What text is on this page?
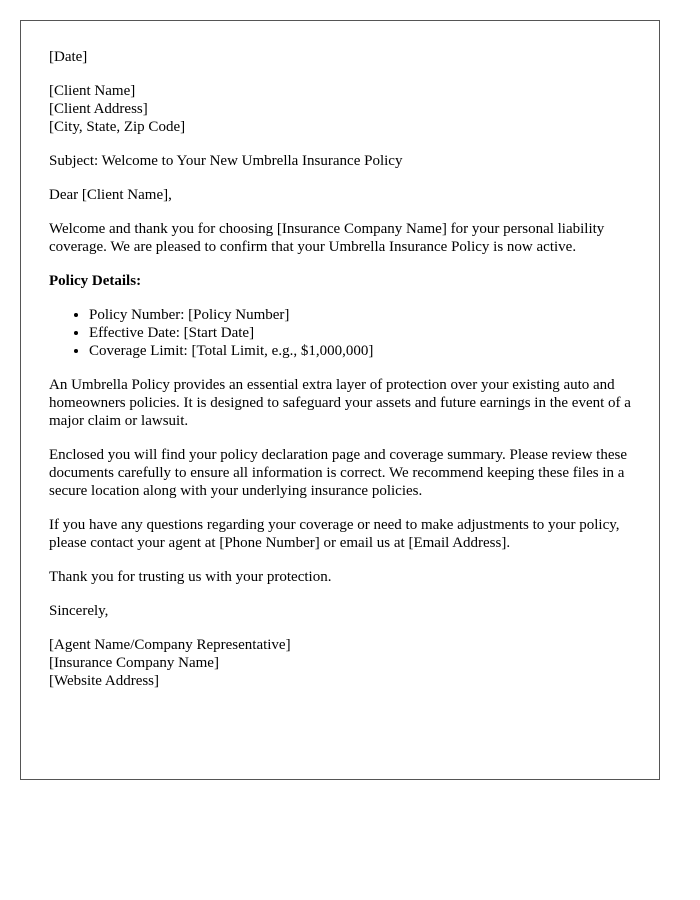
[Date]

[Client Name]
[Client Address]
[City, State, Zip Code]

Subject: Welcome to Your New Umbrella Insurance Policy

Dear [Client Name],

Welcome and thank you for choosing [Insurance Company Name] for your personal liability coverage. We are pleased to confirm that your Umbrella Insurance Policy is now active.

Policy Details:

• Policy Number: [Policy Number]
• Effective Date: [Start Date]
• Coverage Limit: [Total Limit, e.g., $1,000,000]

An Umbrella Policy provides an essential extra layer of protection over your existing auto and homeowners policies. It is designed to safeguard your assets and future earnings in the event of a major claim or lawsuit.

Enclosed you will find your policy declaration page and coverage summary. Please review these documents carefully to ensure all information is correct. We recommend keeping these files in a secure location along with your underlying insurance policies.

If you have any questions regarding your coverage or need to make adjustments to your policy, please contact your agent at [Phone Number] or email us at [Email Address].

Thank you for trusting us with your protection.

Sincerely,

[Agent Name/Company Representative]
[Insurance Company Name]
[Website Address]
